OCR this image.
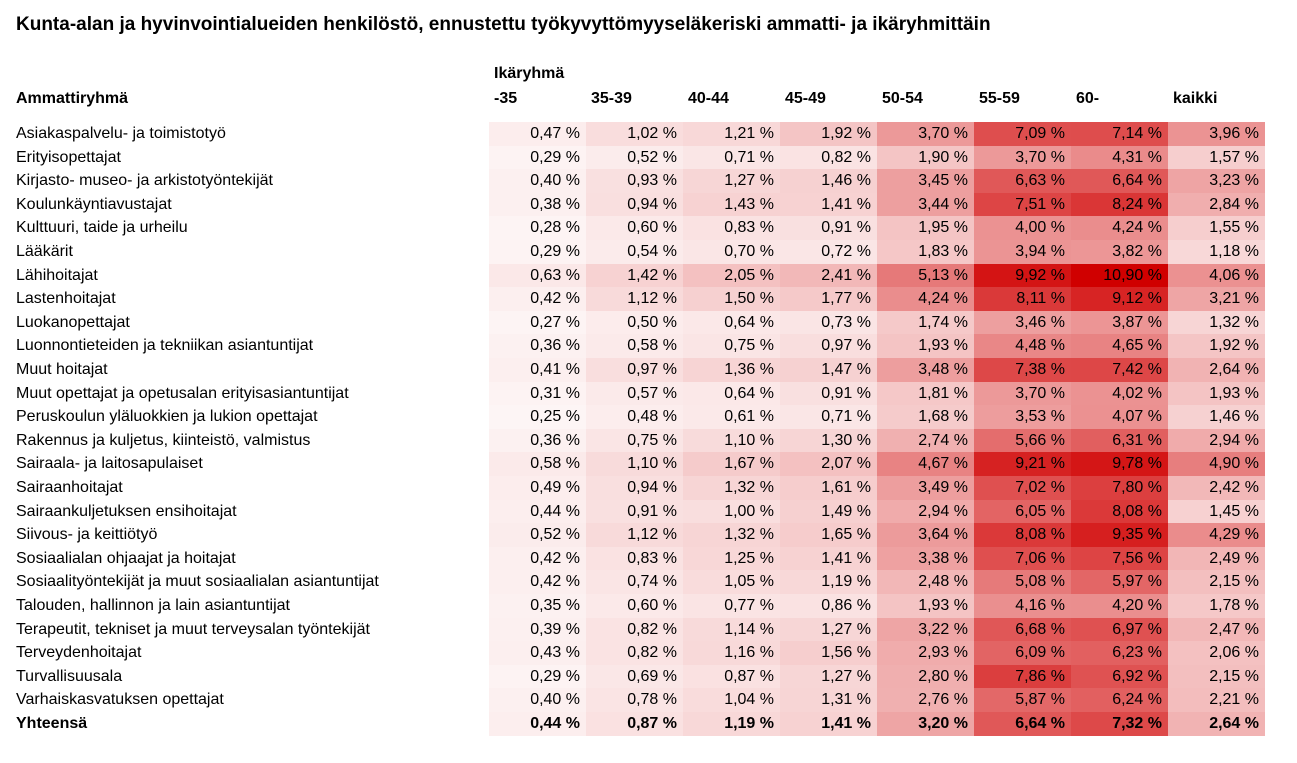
Kunta-alan ja hyvinvointialueiden henkilöstö, ennustettu työkyvyttömyyseläkeriski ammatti- ja ikäryhmittäin
Ikäryhmä
Ammattiryhmä	-35	35-39	40-44	45-49	50-54	55-59	60-	kaikki
Asiakaspalvelu- ja toimistotyö	0,47 %	1,02 %	1,21 %	1,92 %	3,70 %	7,09 %	7,14 %	3,96 %
Erityisopettajat	0,29 %	0,52 %	0,71 %	0,82 %	1,90 %	3,70 %	4,31 %	1,57 %
Kirjasto- museo- ja arkistotyöntekijät	0,40 %	0,93 %	1,27 %	1,46 %	3,45 %	6,63 %	6,64 %	3,23 %
Koulunkäyntiavustajat	0,38 %	0,94 %	1,43 %	1,41 %	3,44 %	7,51 %	8,24 %	2,84 %
Kulttuuri, taide ja urheilu	0,28 %	0,60 %	0,83 %	0,91 %	1,95 %	4,00 %	4,24 %	1,55 %
Lääkärit	0,29 %	0,54 %	0,70 %	0,72 %	1,83 %	3,94 %	3,82 %	1,18 %
Lähihoitajat	0,63 %	1,42 %	2,05 %	2,41 %	5,13 %	9,92 %	10,90 %	4,06 %
Lastenhoitajat	0,42 %	1,12 %	1,50 %	1,77 %	4,24 %	8,11 %	9,12 %	3,21 %
Luokanopettajat	0,27 %	0,50 %	0,64 %	0,73 %	1,74 %	3,46 %	3,87 %	1,32 %
Luonnontieteiden ja tekniikan asiantuntijat	0,36 %	0,58 %	0,75 %	0,97 %	1,93 %	4,48 %	4,65 %	1,92 %
Muut hoitajat	0,41 %	0,97 %	1,36 %	1,47 %	3,48 %	7,38 %	7,42 %	2,64 %
Muut opettajat ja opetusalan erityisasiantuntijat	0,31 %	0,57 %	0,64 %	0,91 %	1,81 %	3,70 %	4,02 %	1,93 %
Peruskoulun yläluokkien ja lukion opettajat	0,25 %	0,48 %	0,61 %	0,71 %	1,68 %	3,53 %	4,07 %	1,46 %
Rakennus ja kuljetus, kiinteistö, valmistus	0,36 %	0,75 %	1,10 %	1,30 %	2,74 %	5,66 %	6,31 %	2,94 %
Sairaala- ja laitosapulaiset	0,58 %	1,10 %	1,67 %	2,07 %	4,67 %	9,21 %	9,78 %	4,90 %
Sairaanhoitajat	0,49 %	0,94 %	1,32 %	1,61 %	3,49 %	7,02 %	7,80 %	2,42 %
Sairaankuljetuksen ensihoitajat	0,44 %	0,91 %	1,00 %	1,49 %	2,94 %	6,05 %	8,08 %	1,45 %
Siivous- ja keittiötyö	0,52 %	1,12 %	1,32 %	1,65 %	3,64 %	8,08 %	9,35 %	4,29 %
Sosiaalialan ohjaajat ja hoitajat	0,42 %	0,83 %	1,25 %	1,41 %	3,38 %	7,06 %	7,56 %	2,49 %
Sosiaalityöntekijät ja muut sosiaalialan asiantuntijat	0,42 %	0,74 %	1,05 %	1,19 %	2,48 %	5,08 %	5,97 %	2,15 %
Talouden, hallinnon ja lain asiantuntijat	0,35 %	0,60 %	0,77 %	0,86 %	1,93 %	4,16 %	4,20 %	1,78 %
Terapeutit, tekniset ja muut terveysalan työntekijät	0,39 %	0,82 %	1,14 %	1,27 %	3,22 %	6,68 %	6,97 %	2,47 %
Terveydenhoitajat	0,43 %	0,82 %	1,16 %	1,56 %	2,93 %	6,09 %	6,23 %	2,06 %
Turvallisuusala	0,29 %	0,69 %	0,87 %	1,27 %	2,80 %	7,86 %	6,92 %	2,15 %
Varhaiskasvatuksen opettajat	0,40 %	0,78 %	1,04 %	1,31 %	2,76 %	5,87 %	6,24 %	2,21 %
Yhteensä	0,44 %	0,87 %	1,19 %	1,41 %	3,20 %	6,64 %	7,32 %	2,64 %
